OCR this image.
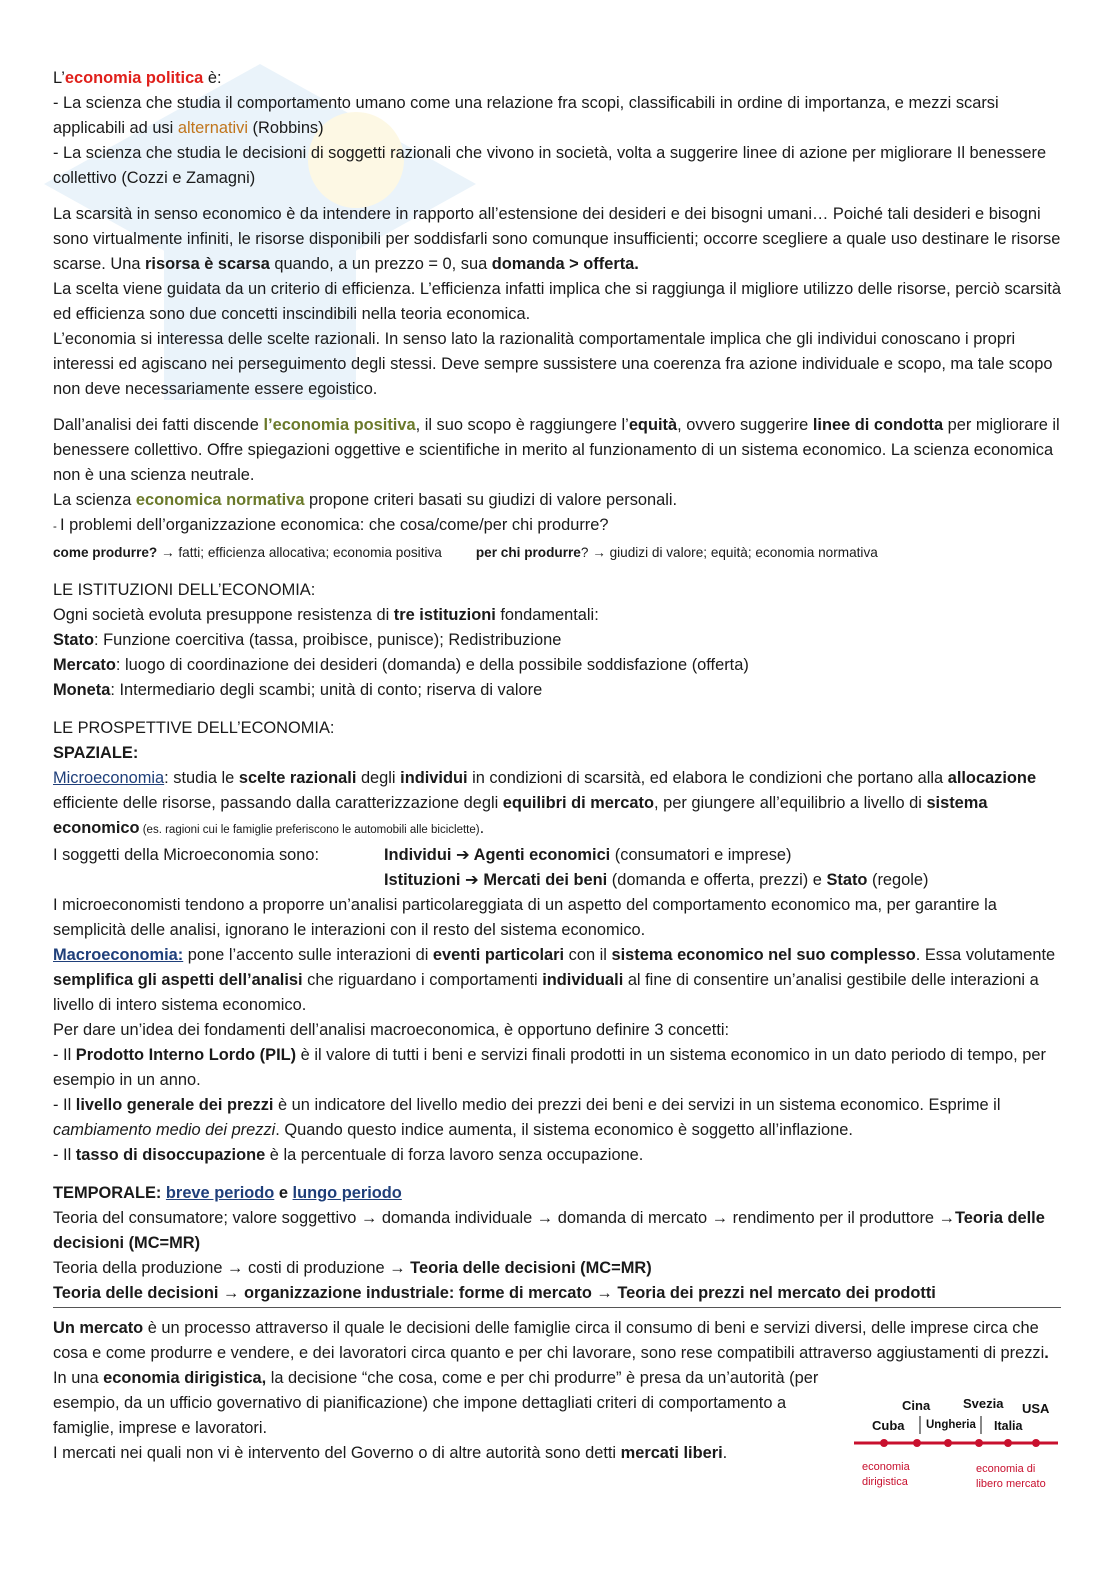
L’economia politica è:

- La scienza che studia il comportamento umano come una relazione fra scopi, classificabili in ordine di importanza, e mezzi scarsi applicabili ad usi alternativi (Robbins)

- La scienza che studia le decisioni di soggetti razionali che vivono in società, volta a suggerire linee di azione per migliorare Il benessere collettivo (Cozzi e Zamagni)

La scarsità in senso economico è da intendere in rapporto all’estensione dei desideri e dei bisogni umani… Poiché tali desideri e bisogni sono virtualmente infiniti, le risorse disponibili per soddisfarli sono comunque insufficienti; occorre scegliere a quale uso destinare le risorse scarse. Una risorsa è scarsa quando, a un prezzo = 0, sua domanda > offerta.

La scelta viene guidata da un criterio di efficienza. L’efficienza infatti implica che si raggiunga il migliore utilizzo delle risorse, perciò scarsità ed efficienza sono due concetti inscindibili nella teoria economica.

L’economia si interessa delle scelte razionali. In senso lato la razionalità comportamentale implica che gli individui conoscano i propri interessi ed agiscano nei perseguimento degli stessi. Deve sempre sussistere una coerenza fra azione individuale e scopo, ma tale scopo non deve necessariamente essere egoistico.

Dall’analisi dei fatti discende l’economia positiva, il suo scopo è raggiungere l’equità, ovvero suggerire linee di condotta per migliorare il benessere collettivo. Offre spiegazioni oggettive e scientifiche in merito al funzionamento di un sistema economico. La scienza economica non è una scienza neutrale.

La scienza economica normativa propone criteri basati su giudizi di valore personali.

- I problemi dell’organizzazione economica: che cosa/come/per chi produrre?

come produrre? → fatti; efficienza allocativa; economia positiva	per chi produrre? → giudizi di valore; equità; economia normativa

LE ISTITUZIONI DELL’ECONOMIA:

Ogni società evoluta presuppone resistenza di tre istituzioni fondamentali:

Stato: Funzione coercitiva (tassa, proibisce, punisce); Redistribuzione

Mercato: luogo di coordinazione dei desideri (domanda) e della possibile soddisfazione (offerta)

Moneta: Intermediario degli scambi; unità di conto; riserva di valore

LE PROSPETTIVE DELL’ECONOMIA:

SPAZIALE:

Microeconomia: studia le scelte razionali degli individui in condizioni di scarsità, ed elabora le condizioni che portano alla allocazione efficiente delle risorse, passando dalla caratterizzazione degli equilibri di mercato, per giungere all’equilibrio a livello di sistema economico (es. ragioni cui le famiglie preferiscono le automobili alle biciclette).

I soggetti della Microeconomia sono:	Individui ➔ Agenti economici (consumatori e imprese)

Istituzioni ➔ Mercati dei beni (domanda e offerta, prezzi) e Stato (regole)

I microeconomisti tendono a proporre un’analisi particolareggiata di un aspetto del comportamento economico ma, per garantire la semplicità delle analisi, ignorano le interazioni con il resto del sistema economico.

Macroeconomia: pone l’accento sulle interazioni di eventi particolari con il sistema economico nel suo complesso. Essa volutamente semplifica gli aspetti dell’analisi che riguardano i comportamenti individuali al fine di consentire un’analisi gestibile delle interazioni a livello di intero sistema economico.

Per dare un’idea dei fondamenti dell’analisi macroeconomica, è opportuno definire 3 concetti:

- Il Prodotto Interno Lordo (PIL) è il valore di tutti i beni e servizi finali prodotti in un sistema economico in un dato periodo di tempo, per esempio in un anno.

- Il livello generale dei prezzi è un indicatore del livello medio dei prezzi dei beni e dei servizi in un sistema economico. Esprime il cambiamento medio dei prezzi. Quando questo indice aumenta, il sistema economico è soggetto all’inflazione.

- Il tasso di disoccupazione è la percentuale di forza lavoro senza occupazione.

TEMPORALE: breve periodo e lungo periodo

Teoria del consumatore; valore soggettivo → domanda individuale → domanda di mercato → rendimento per il produttore →Teoria delle decisioni (MC=MR)

Teoria della produzione → costi di produzione → Teoria delle decisioni (MC=MR)

Teoria delle decisioni → organizzazione industriale: forme di mercato → Teoria dei prezzi nel mercato dei prodotti

Un mercato è un processo attraverso il quale le decisioni delle famiglie circa il consumo di beni e servizi diversi, delle imprese circa che cosa e come produrre e vendere, e dei lavoratori circa quanto e per chi lavorare, sono rese compatibili attraverso aggiustamenti di prezzi.

In una economia dirigistica, la decisione “che cosa, come e per chi produrre” è presa da un’autorità (per esempio, da un ufficio governativo di pianificazione) che impone dettagliati criteri di comportamento a famiglie, imprese e lavoratori.

I mercati nei quali non vi è intervento del Governo o di altre autorità sono detti mercati liberi.

Cina	Svezia USA
Cuba Ungheria Italia
economia
dirigistica
economia di
libero mercato
